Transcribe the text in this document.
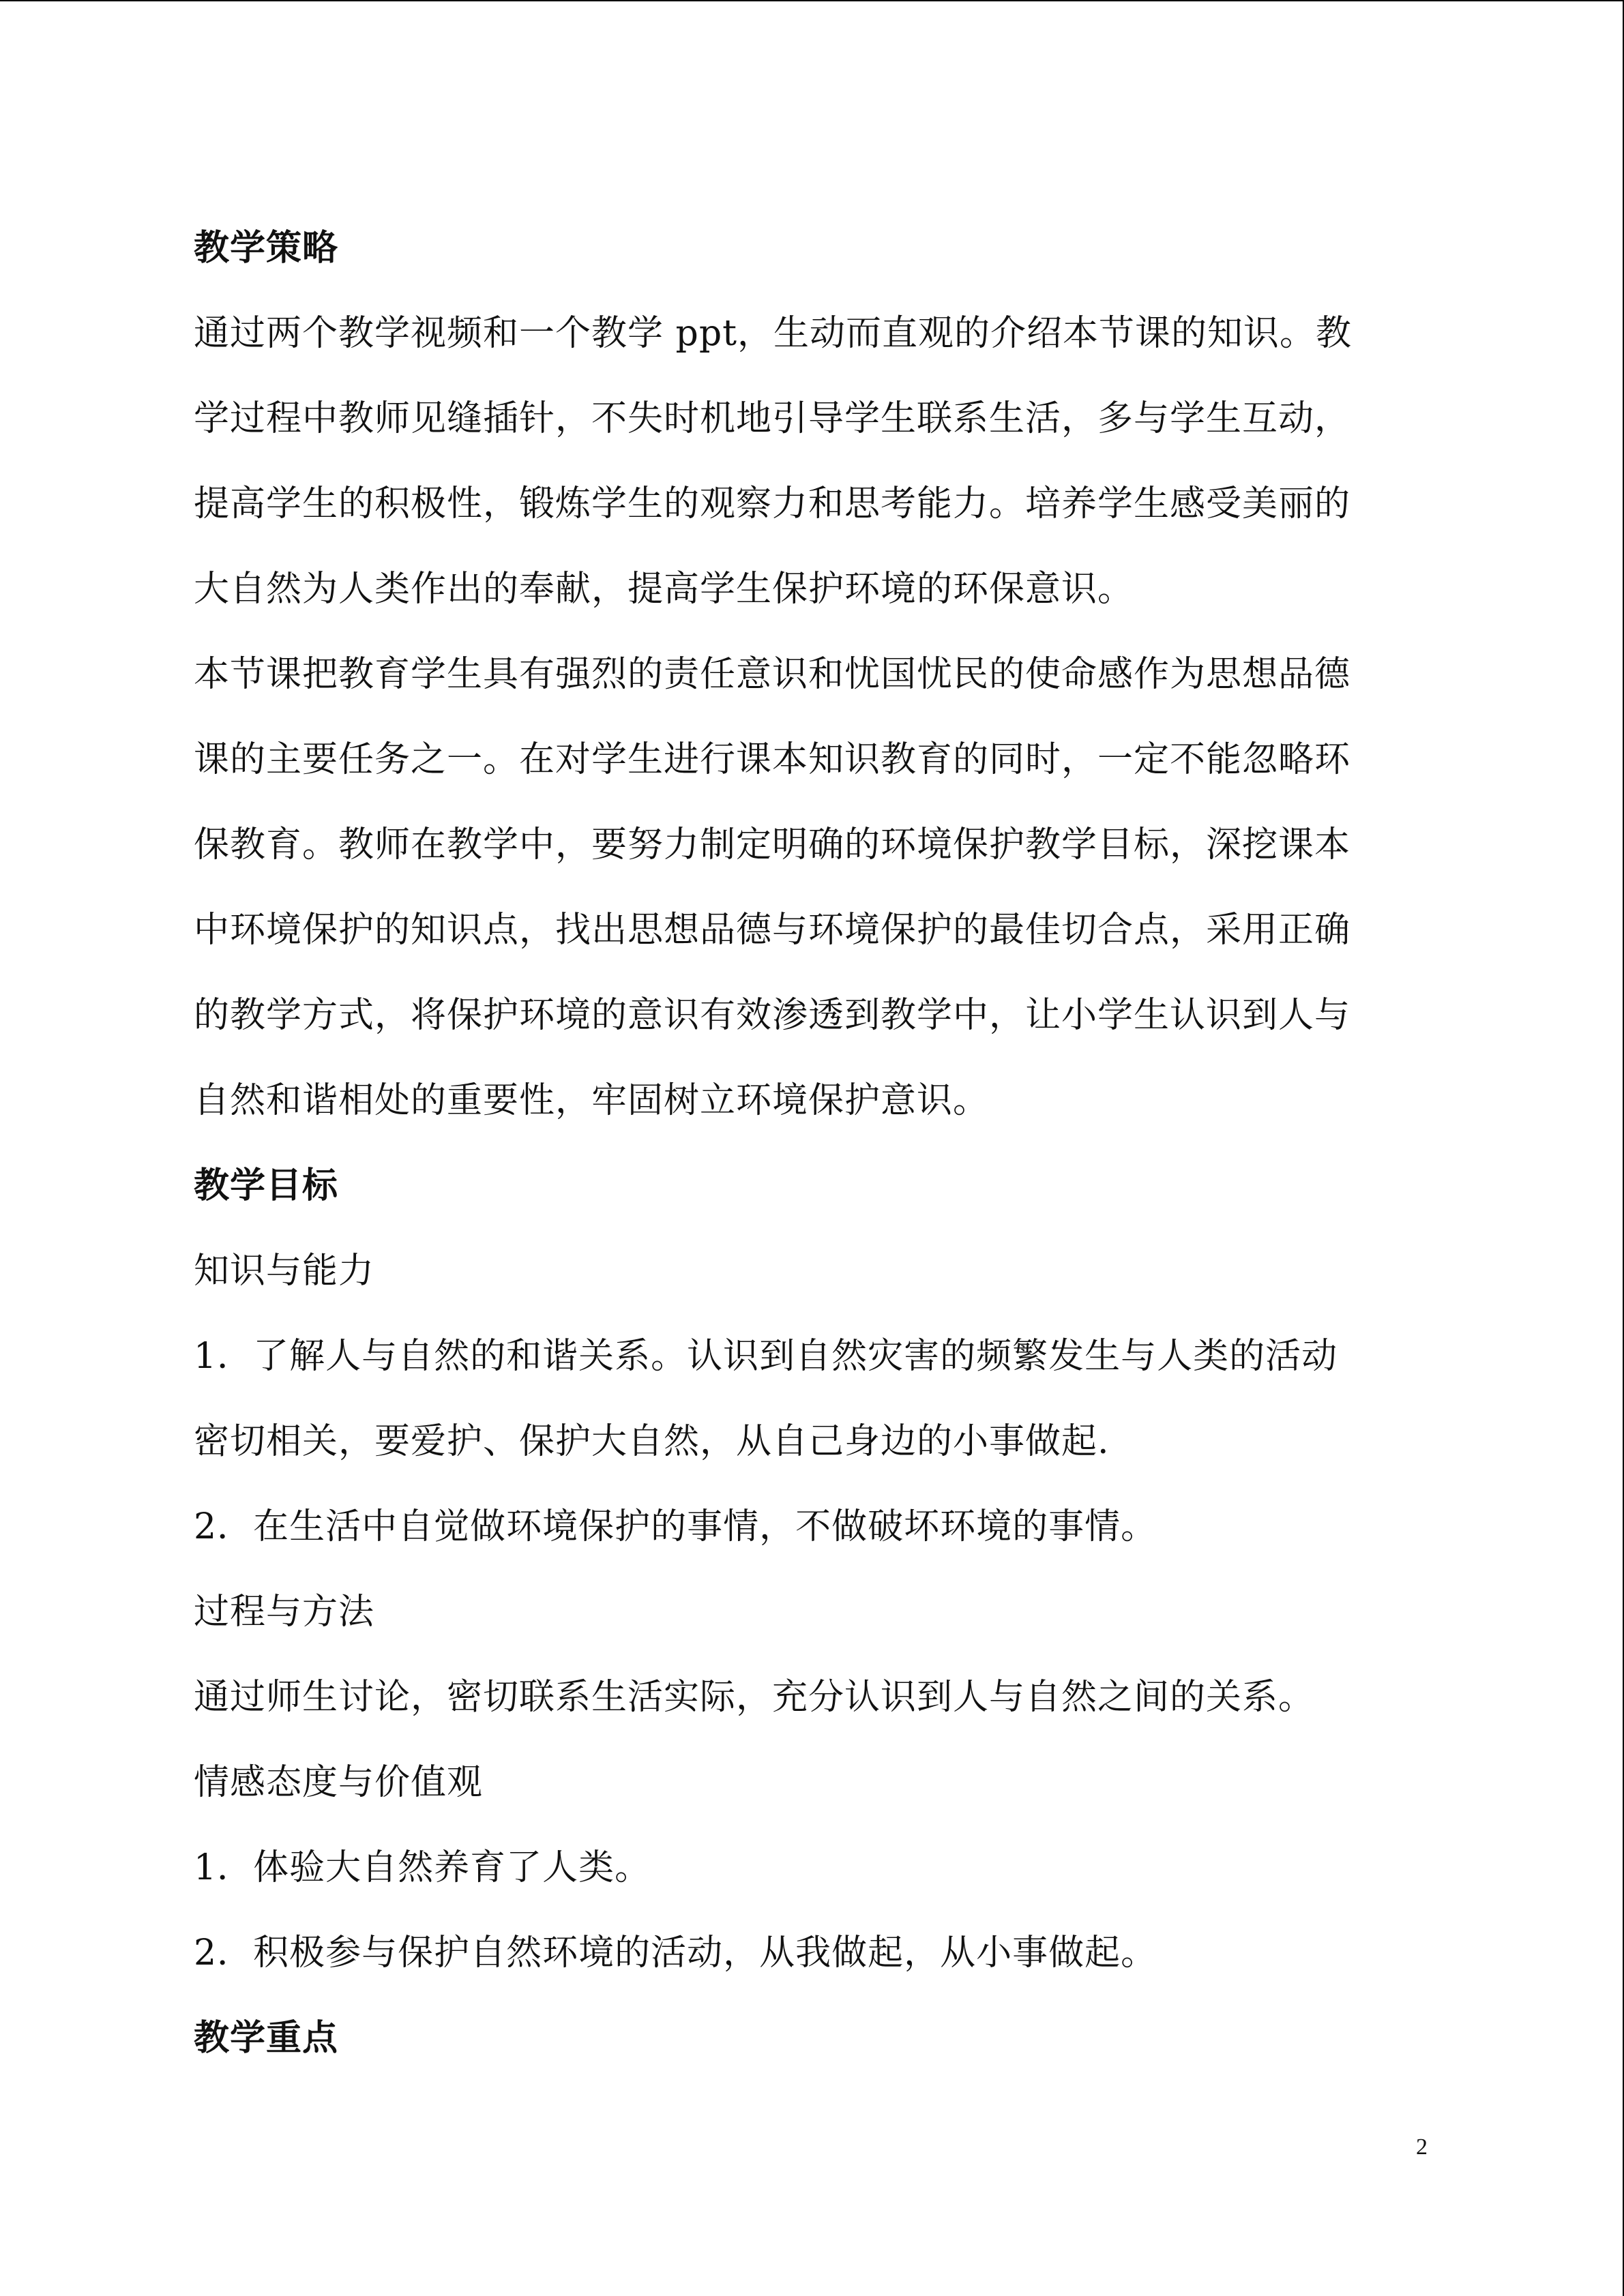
教学策略
通过两个教学视频和一个教学 ppt，生动而直观的介绍本节课的知识。教
学过程中教师见缝插针，不失时机地引导学生联系生活，多与学生互动，
提高学生的积极性，锻炼学生的观察力和思考能力。培养学生感受美丽的
大自然为人类作出的奉献，提高学生保护环境的环保意识。
本节课把教育学生具有强烈的责任意识和忧国忧民的使命感作为思想品德
课的主要任务之一。在对学生进行课本知识教育的同时，一定不能忽略环
保教育。教师在教学中，要努力制定明确的环境保护教学目标，深挖课本
中环境保护的知识点，找出思想品德与环境保护的最佳切合点，采用正确
的教学方式，将保护环境的意识有效渗透到教学中，让小学生认识到人与
自然和谐相处的重要性，牢固树立环境保护意识。
教学目标
知识与能力
1．了解人与自然的和谐关系。认识到自然灾害的频繁发生与人类的活动
密切相关，要爱护、保护大自然，从自己身边的小事做起.
2．在生活中自觉做环境保护的事情，不做破坏环境的事情。
过程与方法
通过师生讨论，密切联系生活实际，充分认识到人与自然之间的关系。
情感态度与价值观
1．体验大自然养育了人类。
2．积极参与保护自然环境的活动，从我做起，从小事做起。
教学重点
2
